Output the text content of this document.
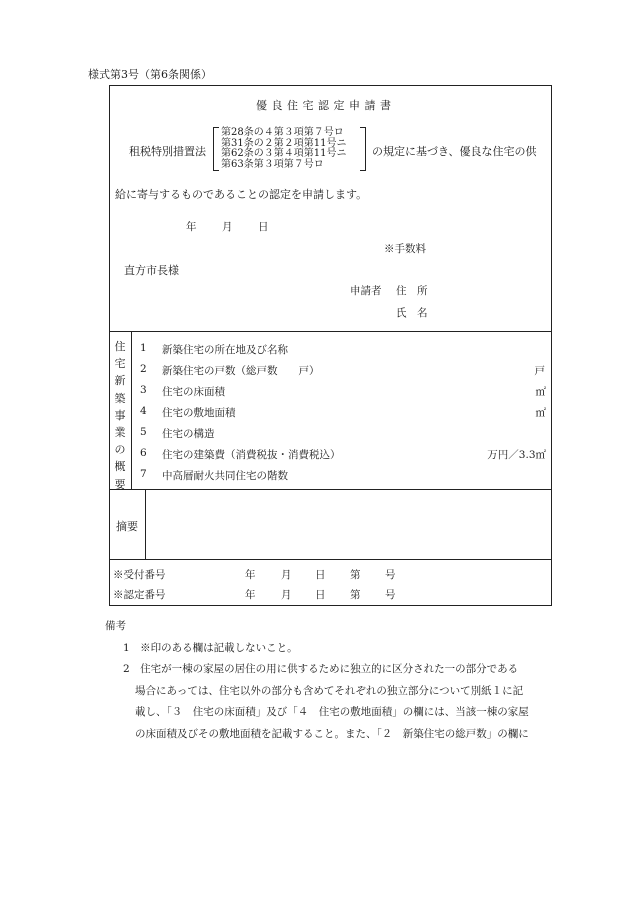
様式第3号（第6条関係）
優良住宅認定申請書
租税特別措置法
第28条の４第３項第７号ロ
第31条の２第２項第11号ニ
第62条の３第４項第11号ニ
第63条第３項第７号ロ
の規定に基づき、優良な住宅の供
給に寄与するものであることの認定を申請します。
年 月 日
※手数料
直方市長様
申請者 住　所
氏　名
住宅新築事業の概要
1 新築住宅の所在地及び名称
2 新築住宅の戸数（総戸数　　戸）	戸
3 住宅の床面積	㎡
4 住宅の敷地面積	㎡
5 住宅の構造
6 住宅の建築費（消費税抜・消費税込）	万円／3.3㎡
7 中高層耐火共同住宅の階数
摘要
※受付番号	年 月 日 第 号
※認定番号	年 月 日 第 号
備考
1　※印のある欄は記載しないこと。
2　住宅が一棟の家屋の居住の用に供するために独立的に区分された一の部分である
場合にあっては、住宅以外の部分も含めてそれぞれの独立部分について別紙１に記
載し、「３　住宅の床面積」及び「４　住宅の敷地面積」の欄には、当該一棟の家屋
の床面積及びその敷地面積を記載すること。また、「２　新築住宅の総戸数」の欄に
